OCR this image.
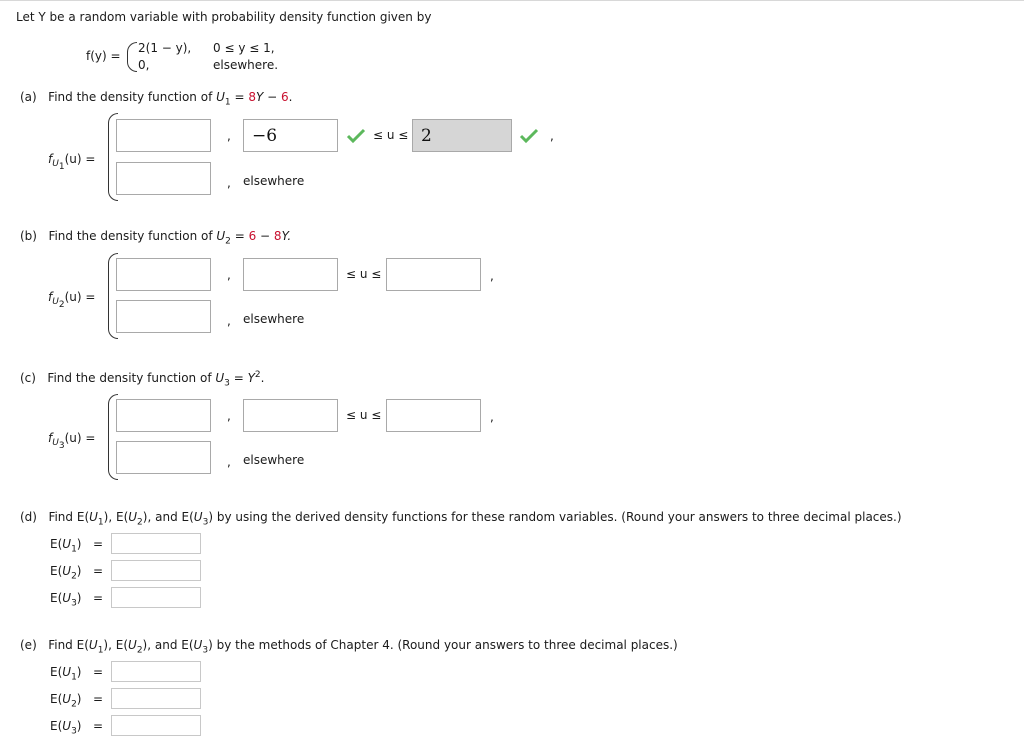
Let Y be a random variable with probability density function given by
f(y) =
2(1 − y), 0 ≤ y ≤ 1,
0,	elsewhere.
(a) Find the density function of $U_1 = 8Y - 6$.
$f_{U_1}(u)$ =
,	−6	≤ u ≤ 2	,
, elsewhere
(b) Find the density function of $U_2 = 6 - 8Y$.
$f_{U_2}(u)$ =
,	≤ u ≤	,
, elsewhere
(c) Find the density function of $U_3 = Y^2$.
$f_{U_3}(u)$ =
,	≤ u ≤	,
, elsewhere
(d) Find $E(U_1)$, $E(U_2)$, and $E(U_3)$ by using the derived density functions for these random variables. (Round your answers to three decimal places.)
$E(U_1)$ =
$E(U_2)$ =
$E(U_3)$ =
(e) Find $E(U_1)$, $E(U_2)$, and $E(U_3)$ by the methods of Chapter 4. (Round your answers to three decimal places.)
$E(U_1)$ =
$E(U_2)$ =
$E(U_3)$ =
